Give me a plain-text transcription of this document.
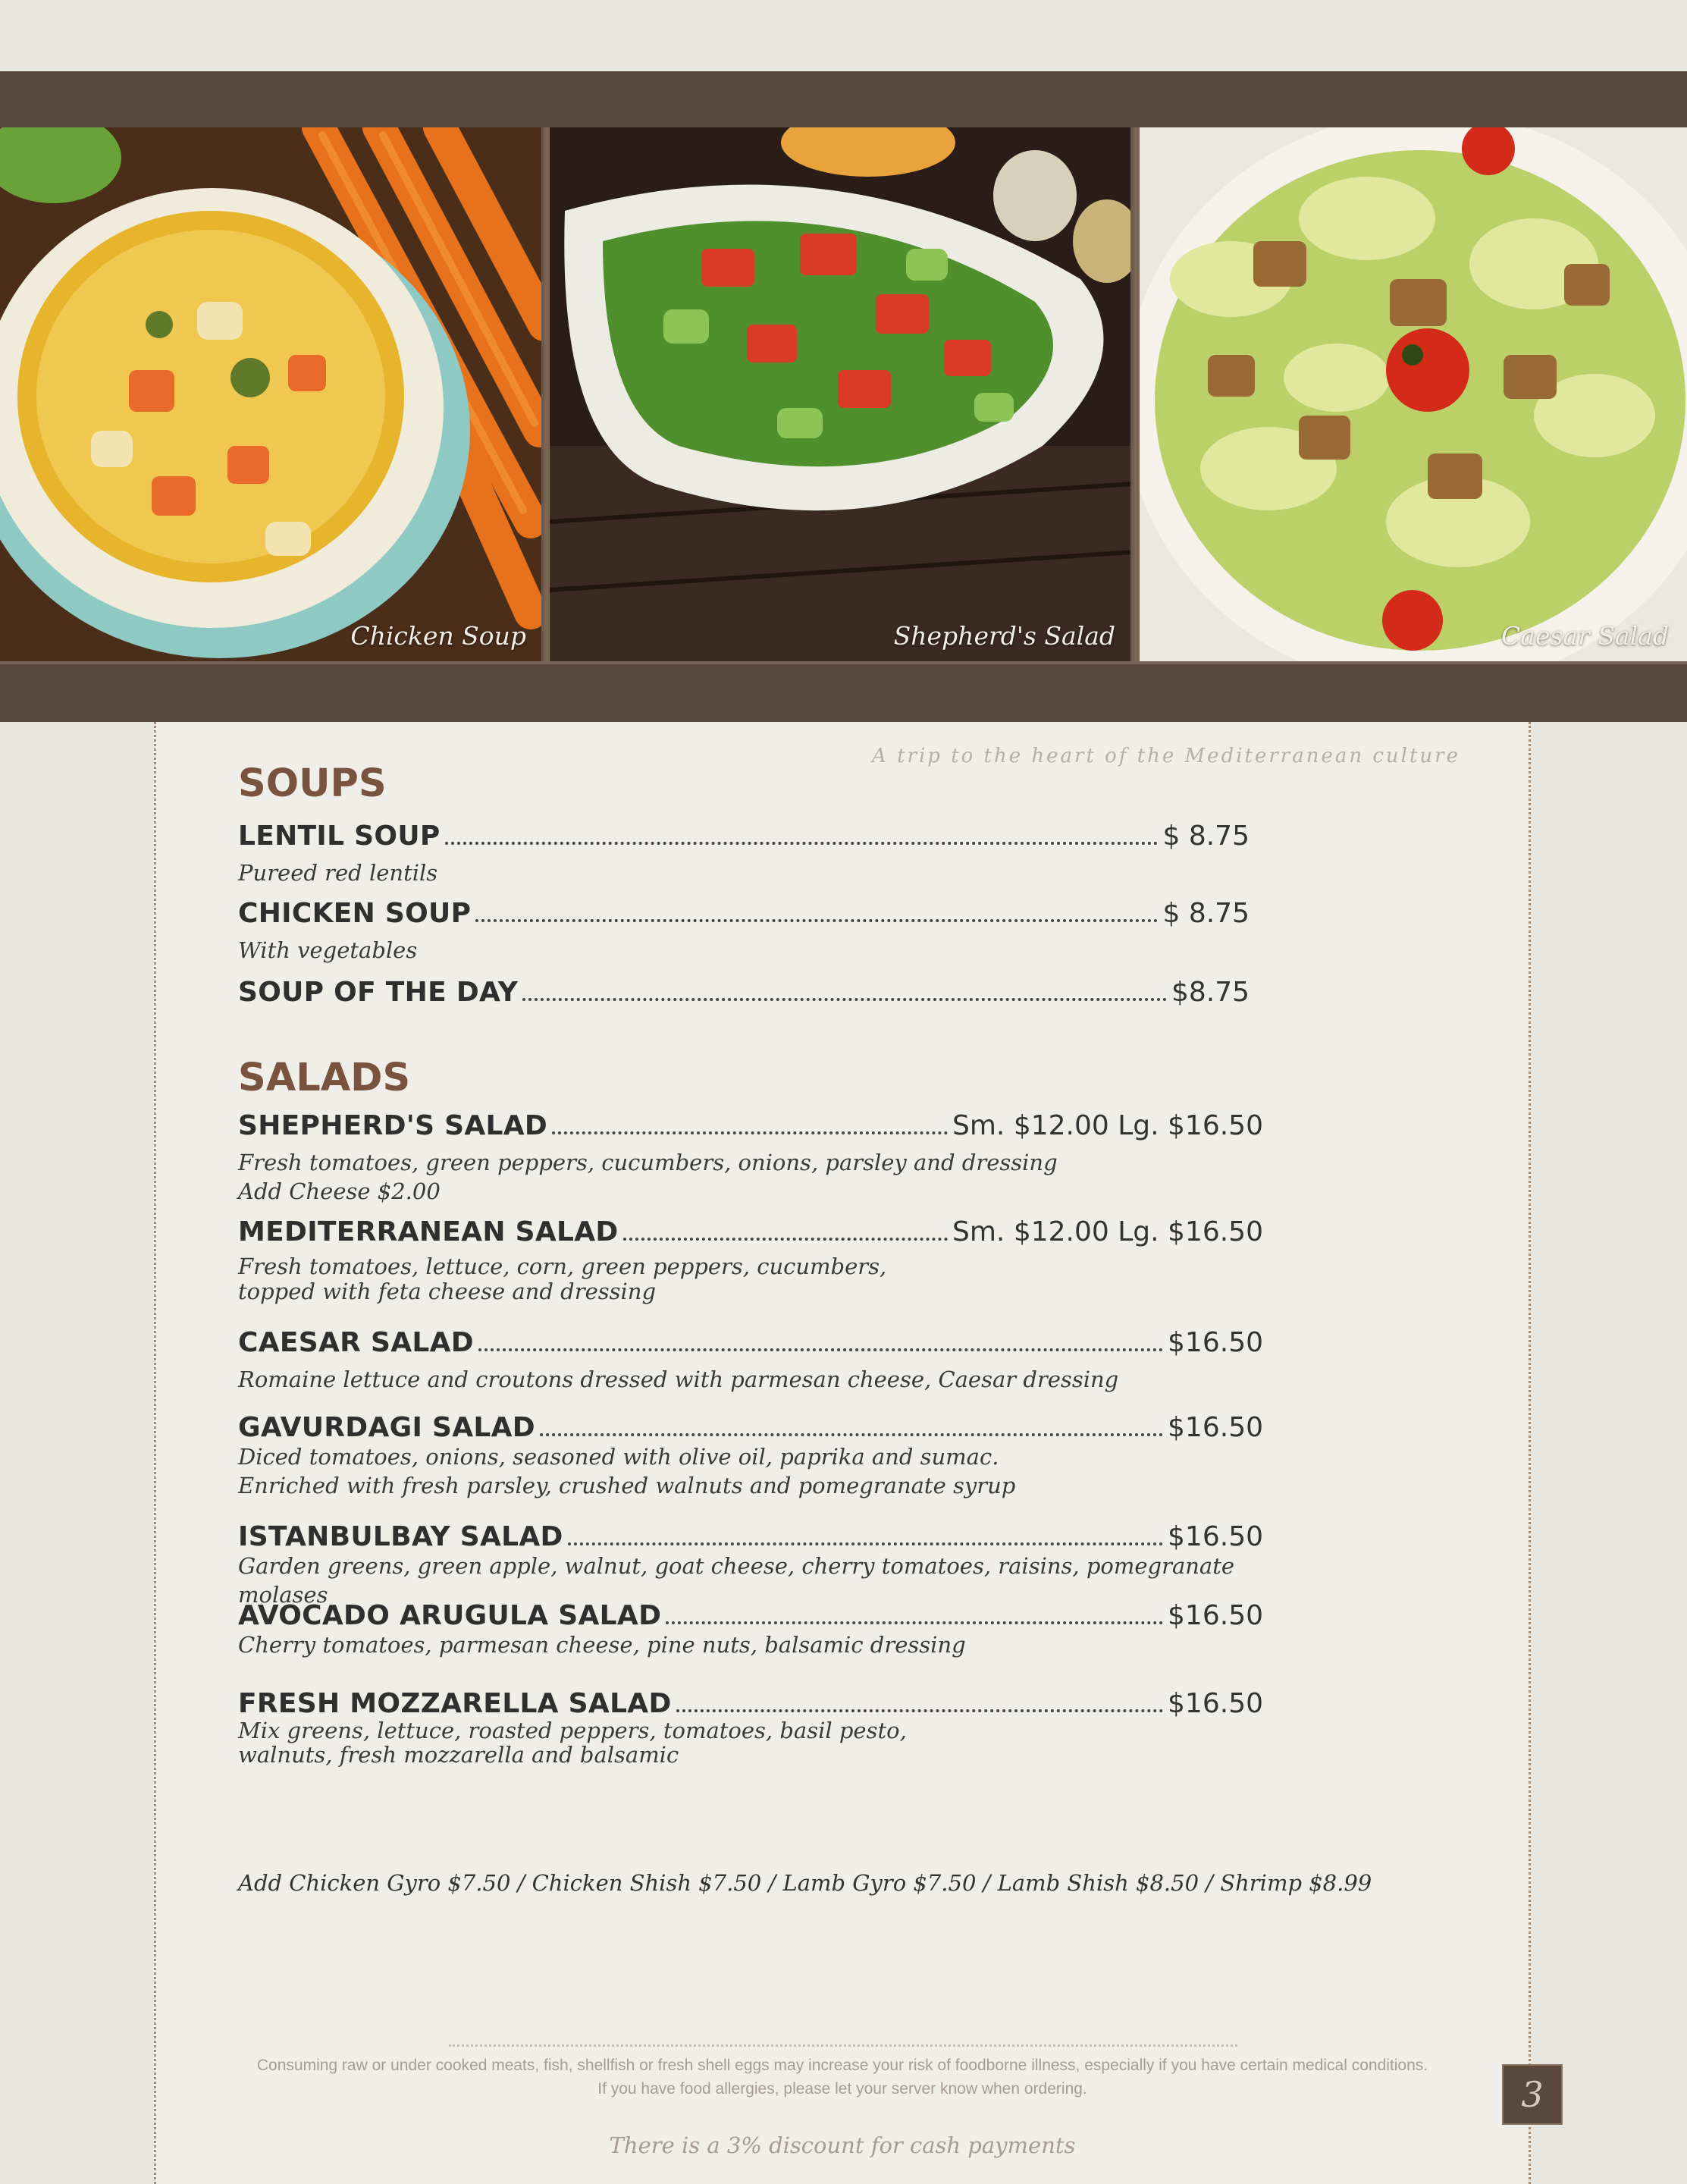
Chicken Soup	Shepherd's Salad	Caesar Salad
A trip to the heart of the Mediterranean culture
SOUPS
LENTIL SOUP	$ 8.75
Pureed red lentils
CHICKEN SOUP	$ 8.75
With vegetables
SOUP OF THE DAY	$8.75
SALADS
SHEPHERD'S SALAD	Sm. $12.00 Lg. $16.50
Fresh tomatoes, green peppers, cucumbers, onions, parsley and dressing
Add Cheese $2.00
MEDITERRANEAN SALAD	Sm. $12.00 Lg. $16.50
Fresh tomatoes, lettuce, corn, green peppers, cucumbers,
topped with feta cheese and dressing
CAESAR SALAD	$16.50
Romaine lettuce and croutons dressed with parmesan cheese, Caesar dressing
GAVURDAGI SALAD	$16.50
Diced tomatoes, onions, seasoned with olive oil, paprika and sumac.
Enriched with fresh parsley, crushed walnuts and pomegranate syrup
ISTANBULBAY SALAD	$16.50
Garden greens, green apple, walnut, goat cheese, cherry tomatoes, raisins, pomegranate molases
AVOCADO ARUGULA SALAD	$16.50
Cherry tomatoes, parmesan cheese, pine nuts, balsamic dressing
FRESH MOZZARELLA SALAD	$16.50
Mix greens, lettuce, roasted peppers, tomatoes, basil pesto,
walnuts, fresh mozzarella and balsamic
Add Chicken Gyro $7.50 / Chicken Shish $7.50 / Lamb Gyro $7.50 / Lamb Shish $8.50 / Shrimp $8.99
Consuming raw or under cooked meats, fish, shellfish or fresh shell eggs may increase your risk of foodborne illness, especially if you have certain medical conditions.
If you have food allergies, please let your server know when ordering.
There is a 3% discount for cash payments
3
